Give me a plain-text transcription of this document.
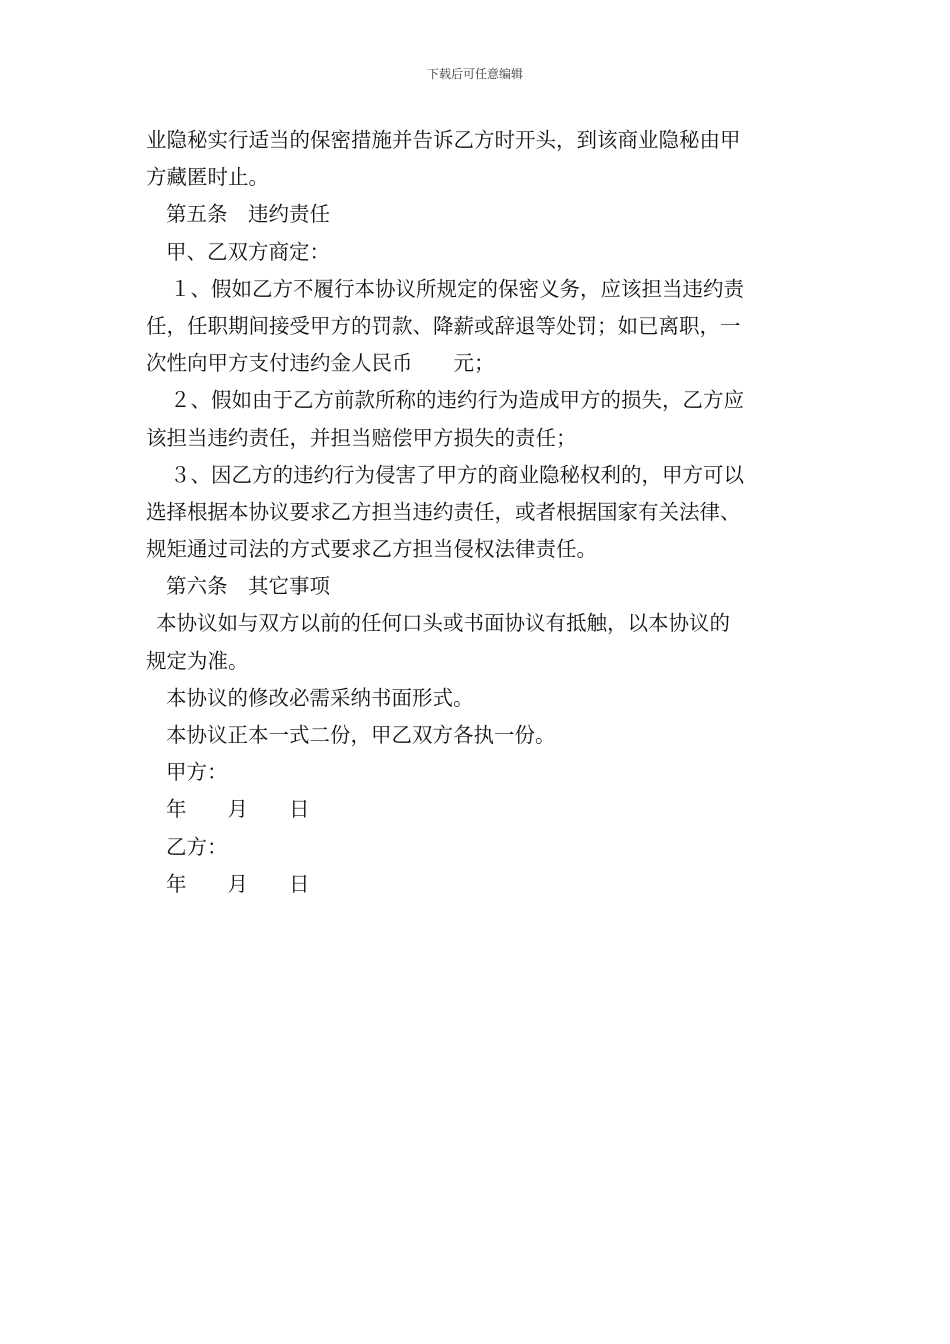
下载后可任意编辑
业隐秘实行适当的保密措施并告诉乙方时开头，到该商业隐秘由甲
方藏匿时止。
第五条　违约责任
甲、乙双方商定：
１、假如乙方不履行本协议所规定的保密义务，应该担当违约责
任，任职期间接受甲方的罚款、降薪或辞退等处罚；如已离职，一
次性向甲方支付违约金人民币　　元；
２、假如由于乙方前款所称的违约行为造成甲方的损失，乙方应
该担当违约责任，并担当赔偿甲方损失的责任；
３、因乙方的违约行为侵害了甲方的商业隐秘权利的，甲方可以
选择根据本协议要求乙方担当违约责任，或者根据国家有关法律、
规矩通过司法的方式要求乙方担当侵权法律责任。
第六条　其它事项
本协议如与双方以前的任何口头或书面协议有抵触，以本协议的
规定为准。
本协议的修改必需采纳书面形式。
本协议正本一式二份，甲乙双方各执一份。
甲方：
年　　月　　日
乙方：
年　　月　　日
